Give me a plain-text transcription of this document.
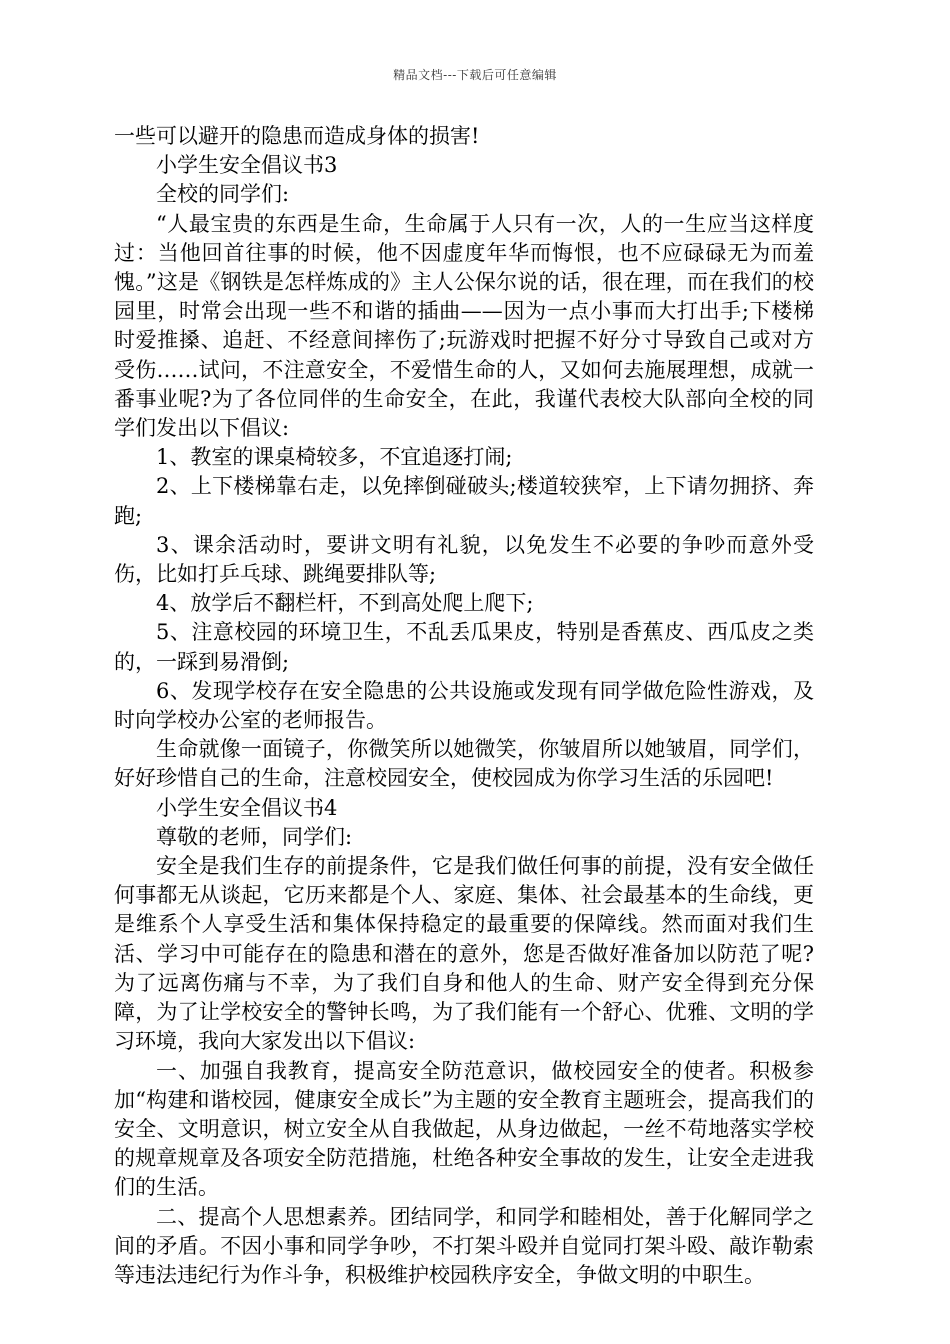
精品文档---下载后可任意编辑

一些可以避开的隐患而造成身体的损害!

小学生安全倡议书3

全校的同学们:

“人最宝贵的东西是生命，生命属于人只有一次，人的一生应当这样度过：当他回首往事的时候，他不因虚度年华而悔恨，也不应碌碌无为而羞愧。”这是《钢铁是怎样炼成的》主人公保尔说的话，很在理，而在我们的校园里，时常会出现一些不和谐的插曲——因为一点小事而大打出手;下楼梯时爱推搡、追赶、不经意间摔伤了;玩游戏时把握不好分寸导致自己或对方受伤……试问，不注意安全，不爱惜生命的人，又如何去施展理想，成就一番事业呢?为了各位同伴的生命安全，在此，我谨代表校大队部向全校的同学们发出以下倡议:

1、教室的课桌椅较多，不宜追逐打闹;

2、上下楼梯靠右走，以免摔倒碰破头;楼道较狭窄，上下请勿拥挤、奔跑;

3、课余活动时，要讲文明有礼貌，以免发生不必要的争吵而意外受伤，比如打乒乓球、跳绳要排队等;

4、放学后不翻栏杆，不到高处爬上爬下;

5、注意校园的环境卫生，不乱丢瓜果皮，特别是香蕉皮、西瓜皮之类的，一踩到易滑倒;

6、发现学校存在安全隐患的公共设施或发现有同学做危险性游戏，及时向学校办公室的老师报告。

生命就像一面镜子，你微笑所以她微笑，你皱眉所以她皱眉，同学们，好好珍惜自己的生命，注意校园安全，使校园成为你学习生活的乐园吧!

小学生安全倡议书4

尊敬的老师，同学们:

安全是我们生存的前提条件，它是我们做任何事的前提，没有安全做任何事都无从谈起，它历来都是个人、家庭、集体、社会最基本的生命线，更是维系个人享受生活和集体保持稳定的最重要的保障线。然而面对我们生活、学习中可能存在的隐患和潜在的意外，您是否做好准备加以防范了呢?为了远离伤痛与不幸，为了我们自身和他人的生命、财产安全得到充分保障，为了让学校安全的警钟长鸣，为了我们能有一个舒心、优雅、文明的学习环境，我向大家发出以下倡议:

一、加强自我教育，提高安全防范意识，做校园安全的使者。积极参加“构建和谐校园，健康安全成长”为主题的安全教育主题班会，提高我们的安全、文明意识，树立安全从自我做起，从身边做起，一丝不苟地落实学校的规章规章及各项安全防范措施，杜绝各种安全事故的发生，让安全走进我们的生活。

二、提高个人思想素养。团结同学，和同学和睦相处，善于化解同学之间的矛盾。不因小事和同学争吵，不打架斗殴并自觉同打架斗殴、敲诈勒索等违法违纪行为作斗争，积极维护校园秩序安全，争做文明的中职生。
